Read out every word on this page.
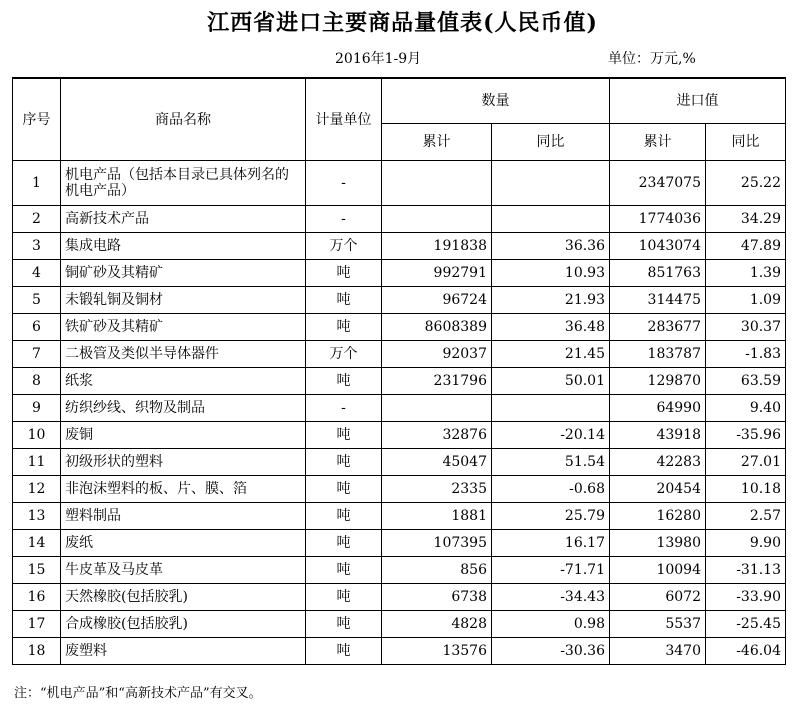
江西省进口主要商品量值表(人民币值)
2016年1-9月	单位：万元,%
序号	商品名称	计量单位	数量		进口值	
			累计	同比	累计	同比
1	机电产品（包括本目录已具体列名的机电产品）	-			2347075	25.22
2	高新技术产品	-			1774036	34.29
3	集成电路	万个	191838	36.36	1043074	47.89
4	铜矿砂及其精矿	吨	992791	10.93	851763	1.39
5	未锻轧铜及铜材	吨	96724	21.93	314475	1.09
6	铁矿砂及其精矿	吨	8608389	36.48	283677	30.37
7	二极管及类似半导体器件	万个	92037	21.45	183787	-1.83
8	纸浆	吨	231796	50.01	129870	63.59
9	纺织纱线、织物及制品	-			64990	9.40
10	废铜	吨	32876	-20.14	43918	-35.96
11	初级形状的塑料	吨	45047	51.54	42283	27.01
12	非泡沫塑料的板、片、膜、箔	吨	2335	-0.68	20454	10.18
13	塑料制品	吨	1881	25.79	16280	2.57
14	废纸	吨	107395	16.17	13980	9.90
15	牛皮革及马皮革	吨	856	-71.71	10094	-31.13
16	天然橡胶(包括胶乳)	吨	6738	-34.43	6072	-33.90
17	合成橡胶(包括胶乳)	吨	4828	0.98	5537	-25.45
18	废塑料	吨	13576	-30.36	3470	-46.04
注：“机电产品”和“高新技术产品”有交叉。
